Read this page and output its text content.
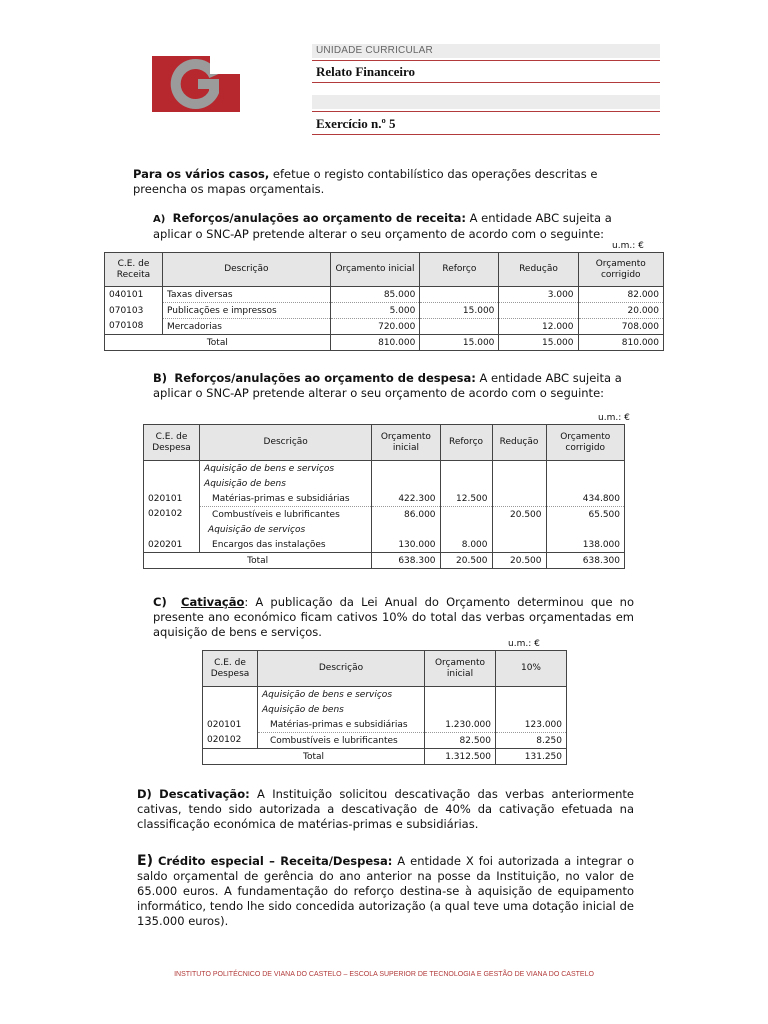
UNIDADE CURRICULAR
Relato Financeiro
Exercício n.º 5

Para os vários casos, efetue o registo contabilístico das operações descritas e preencha os mapas orçamentais.

A) Reforços/anulações ao orçamento de receita: A entidade ABC sujeita a aplicar o SNC-AP pretende alterar o seu orçamento de acordo com o seguinte:

u.m.: €
C.E. de Receita	Descrição	Orçamento inicial	Reforço	Redução	Orçamento corrigido
040101	Taxas diversas	85.000		3.000	82.000
070103	Publicações e impressos	5.000	15.000		20.000
070108	Mercadorias	720.000		12.000	708.000
Total		810.000	15.000	15.000	810.000

B) Reforços/anulações ao orçamento de despesa: A entidade ABC sujeita a aplicar o SNC-AP pretende alterar o seu orçamento de acordo com o seguinte:

u.m.: €
C.E. de Despesa	Descrição	Orçamento inicial	Reforço	Redução	Orçamento corrigido
	Aquisição de bens e serviços				
	Aquisição de bens				
020101	Matérias-primas e subsidiárias	422.300	12.500		434.800
020102	Combustíveis e lubrificantes	86.000		20.500	65.500
	Aquisição de serviços				
020201	Encargos das instalações	130.000	8.000		138.000
Total		638.300	20.500	20.500	638.300

C) Cativação: A publicação da Lei Anual do Orçamento determinou que no presente ano económico ficam cativos 10% do total das verbas orçamentadas em aquisição de bens e serviços.

u.m.: €
C.E. de Despesa	Descrição	Orçamento inicial	10%
	Aquisição de bens e serviços		
	Aquisição de bens		
020101	Matérias-primas e subsidiárias	1.230.000	123.000
020102	Combustíveis e lubrificantes	82.500	8.250
Total		1.312.500	131.250

D) Descativação: A Instituição solicitou descativação das verbas anteriormente cativas, tendo sido autorizada a descativação de 40% da cativação efetuada na classificação económica de matérias-primas e subsidiárias.

E) Crédito especial – Receita/Despesa: A entidade X foi autorizada a integrar o saldo orçamental de gerência do ano anterior na posse da Instituição, no valor de 65.000 euros. A fundamentação do reforço destina-se à aquisição de equipamento informático, tendo lhe sido concedida autorização (a qual teve uma dotação inicial de 135.000 euros).

INSTITUTO POLITÉCNICO DE VIANA DO CASTELO – ESCOLA SUPERIOR DE TECNOLOGIA E GESTÃO DE VIANA DO CASTELO
